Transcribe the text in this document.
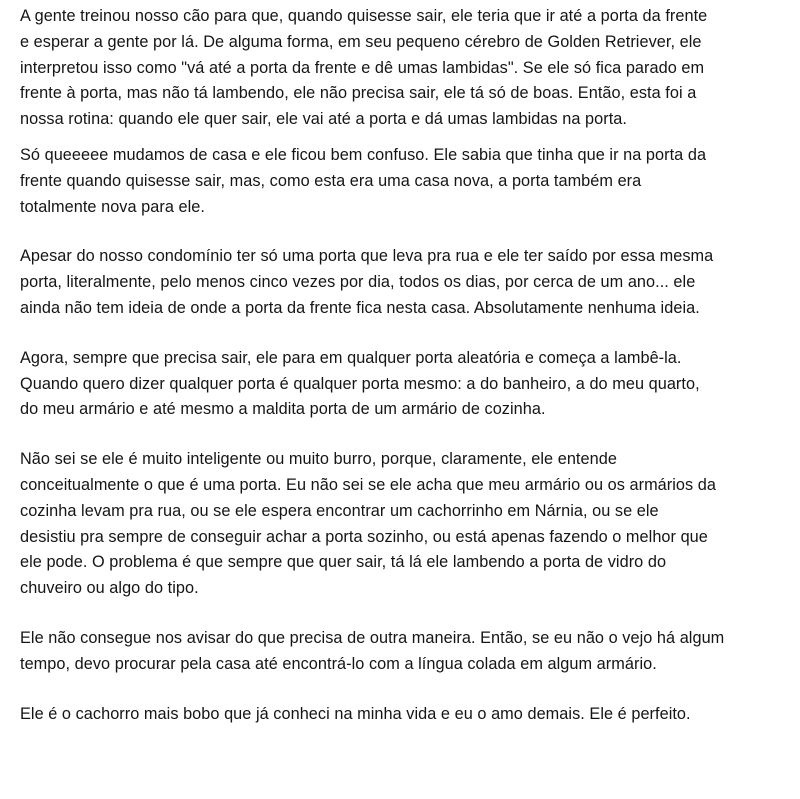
A gente treinou nosso cão para que, quando quisesse sair, ele teria que ir até a porta da frente
e esperar a gente por lá. De alguma forma, em seu pequeno cérebro de Golden Retriever, ele
interpretou isso como "vá até a porta da frente e dê umas lambidas". Se ele só fica parado em
frente à porta, mas não tá lambendo, ele não precisa sair, ele tá só de boas. Então, esta foi a
nossa rotina: quando ele quer sair, ele vai até a porta e dá umas lambidas na porta.

Só queeeee mudamos de casa e ele ficou bem confuso. Ele sabia que tinha que ir na porta da
frente quando quisesse sair, mas, como esta era uma casa nova, a porta também era
totalmente nova para ele.

Apesar do nosso condomínio ter só uma porta que leva pra rua e ele ter saído por essa mesma
porta, literalmente, pelo menos cinco vezes por dia, todos os dias, por cerca de um ano... ele
ainda não tem ideia de onde a porta da frente fica nesta casa. Absolutamente nenhuma ideia.

Agora, sempre que precisa sair, ele para em qualquer porta aleatória e começa a lambê-la.
Quando quero dizer qualquer porta é qualquer porta mesmo: a do banheiro, a do meu quarto,
do meu armário e até mesmo a maldita porta de um armário de cozinha.

Não sei se ele é muito inteligente ou muito burro, porque, claramente, ele entende
conceitualmente o que é uma porta. Eu não sei se ele acha que meu armário ou os armários da
cozinha levam pra rua, ou se ele espera encontrar um cachorrinho em Nárnia, ou se ele
desistiu pra sempre de conseguir achar a porta sozinho, ou está apenas fazendo o melhor que
ele pode. O problema é que sempre que quer sair, tá lá ele lambendo a porta de vidro do
chuveiro ou algo do tipo.

Ele não consegue nos avisar do que precisa de outra maneira. Então, se eu não o vejo há algum
tempo, devo procurar pela casa até encontrá-lo com a língua colada em algum armário.

Ele é o cachorro mais bobo que já conheci na minha vida e eu o amo demais. Ele é perfeito.
